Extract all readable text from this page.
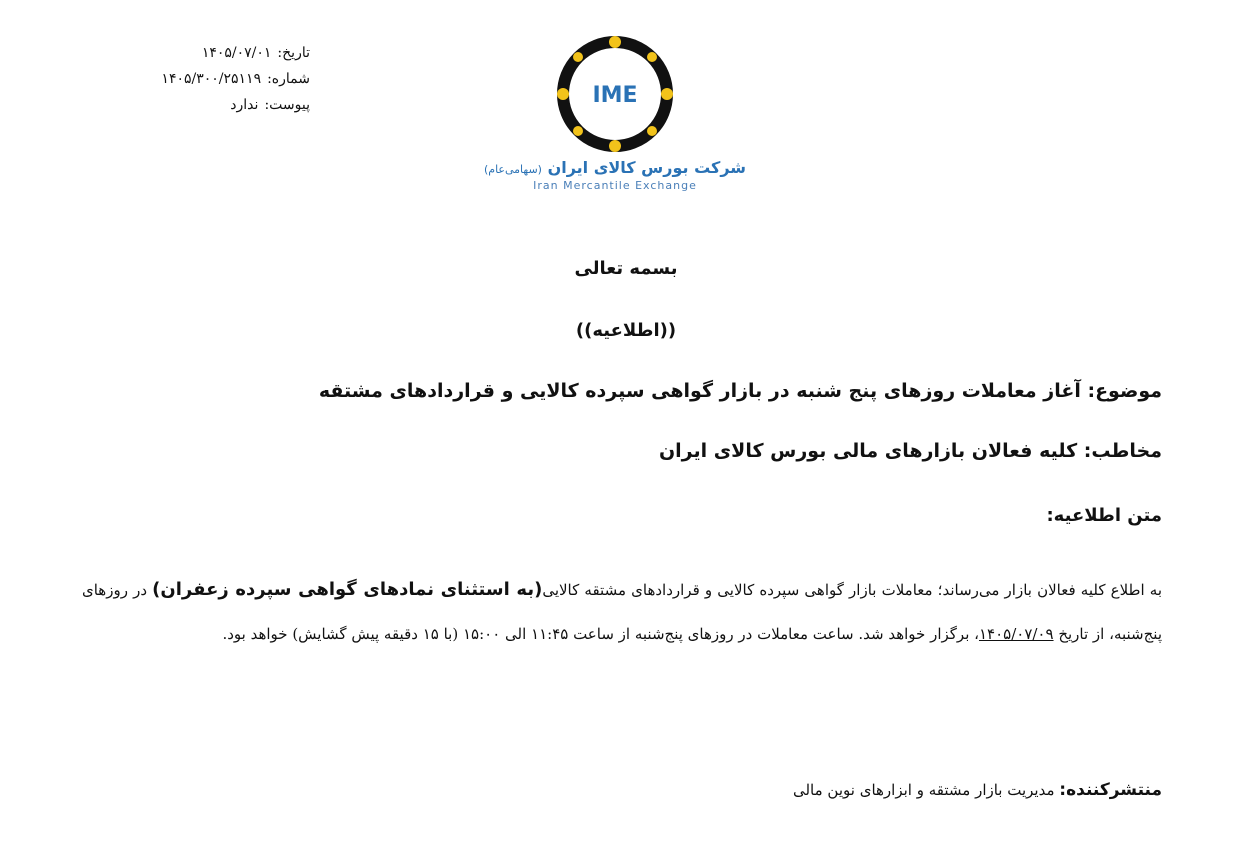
تاریخ:۱۴۰۵/۰۷/۰۱
شماره:۱۴۰۵/۳۰۰/۲۵۱۱۹
پیوست:ندارد	IME
شرکت بورس کالای ایران (سهامی‌عام)
Iran Mercantile Exchange
بسمه تعالی
((اطلاعیه))
موضوع: آغاز معاملات روزهای پنج شنبه در بازار گواهی سپرده کالایی و قراردادهای مشتقه
مخاطب: کلیه فعالان بازارهای مالی بورس کالای ایران
متن اطلاعیه:
به اطلاع کلیه فعالان بازار می‌رساند؛ معاملات بازار گواهی سپرده کالایی و قراردادهای مشتقه کالایی(به استثنای نمادهای گواهی سپرده زعفران) در روزهای پنج‌شنبه، از تاریخ ۱۴۰۵/۰۷/۰۹، برگزار خواهد شد. ساعت معاملات در روزهای پنج‌شنبه از ساعت ۱۱:۴۵ الی ۱۵:۰۰ (با ۱۵ دقیقه پیش گشایش) خواهد بود.
منتشرکننده: مدیریت بازار مشتقه و ابزارهای نوین مالی
